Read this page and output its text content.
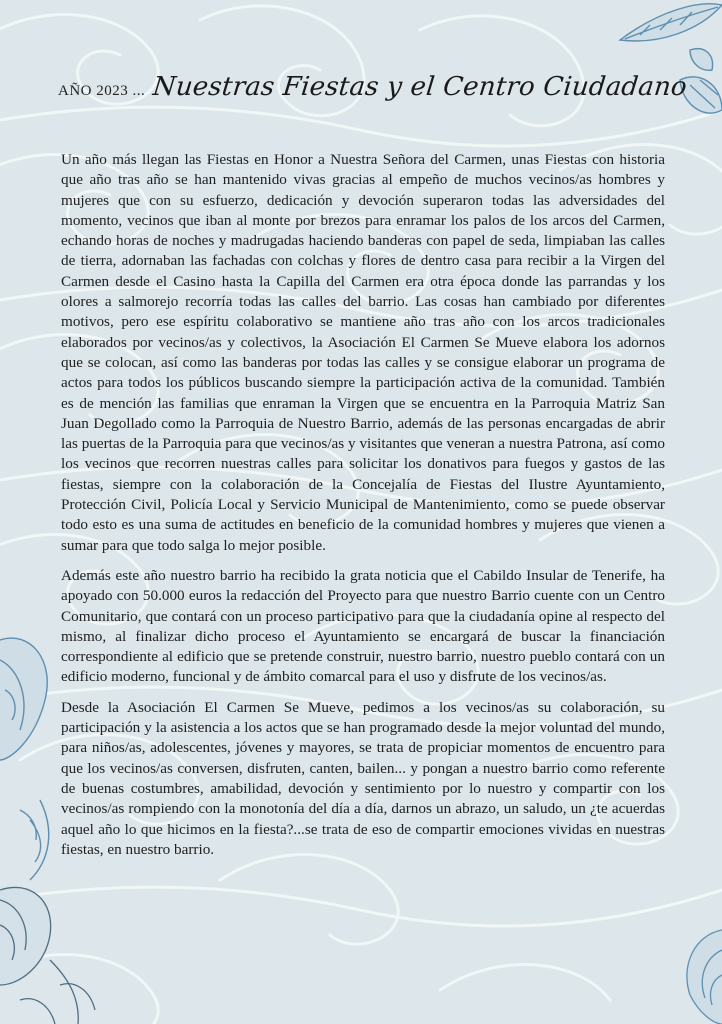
AÑO 2023 ... Nuestras Fiestas y el Centro Ciudadano

Un año más llegan las Fiestas en Honor a Nuestra Señora del Carmen, unas Fiestas con historia que año tras año se han mantenido vivas gracias al empeño de muchos vecinos/as hombres y mujeres que con su esfuerzo, dedicación y devoción superaron todas las adversidades del momento, vecinos que iban al monte por brezos para enramar los palos de los arcos del Carmen, echando horas de noches y madrugadas haciendo banderas con papel de seda, limpiaban las calles de tierra, adornaban las fachadas con colchas y flores de dentro casa para recibir a la Virgen del Carmen desde el Casino hasta la Capilla del Carmen era otra época donde las parrandas y los olores a salmorejo recorría todas las calles del barrio. Las cosas han cambiado por diferentes motivos, pero ese espíritu colaborativo se mantiene año tras año con los arcos tradicionales elaborados por vecinos/as y colectivos, la Asociación El Carmen Se Mueve elabora los adornos que se colocan, así como las banderas por todas las calles y se consigue elaborar un programa de actos para todos los públicos buscando siempre la participación activa de la comunidad. También es de mención las familias que enraman la Virgen que se encuentra en la Parroquia Matriz San Juan Degollado como la Parroquia de Nuestro Barrio, además de las personas encargadas de abrir las puertas de la Parroquia para que vecinos/as y visitantes que veneran a nuestra Patrona, así como los vecinos que recorren nuestras calles para solicitar los donativos para fuegos y gastos de las fiestas, siempre con la colaboración de la Concejalía de Fiestas del Ilustre Ayuntamiento, Protección Civil, Policía Local y Servicio Municipal de Mantenimiento, como se puede observar todo esto es una suma de actitudes en beneficio de la comunidad hombres y mujeres que vienen a sumar para que todo salga lo mejor posible.

Además este año nuestro barrio ha recibido la grata noticia que el Cabildo Insular de Tenerife, ha apoyado con 50.000 euros la redacción del Proyecto para que nuestro Barrio cuente con un Centro Comunitario, que contará con un proceso participativo para que la ciudadanía opine al respecto del mismo, al finalizar dicho proceso el Ayuntamiento se encargará de buscar la financiación correspondiente al edificio que se pretende construir, nuestro barrio, nuestro pueblo contará con un edificio moderno, funcional y de ámbito comarcal para el uso y disfrute de los vecinos/as.

Desde la Asociación El Carmen Se Mueve, pedimos a los vecinos/as su colaboración, su participación y la asistencia a los actos que se han programado desde la mejor voluntad del mundo, para niños/as, adolescentes, jóvenes y mayores, se trata de propiciar momentos de encuentro para que los vecinos/as conversen, disfruten, canten, bailen... y pongan a nuestro barrio como referente de buenas costumbres, amabilidad, devoción y sentimiento por lo nuestro y compartir con los vecinos/as rompiendo con la monotonía del día a día, darnos un abrazo, un saludo, un ¿te acuerdas aquel año lo que hicimos en la fiesta?...se trata de eso de compartir emociones vividas en nuestras fiestas, en nuestro barrio.
